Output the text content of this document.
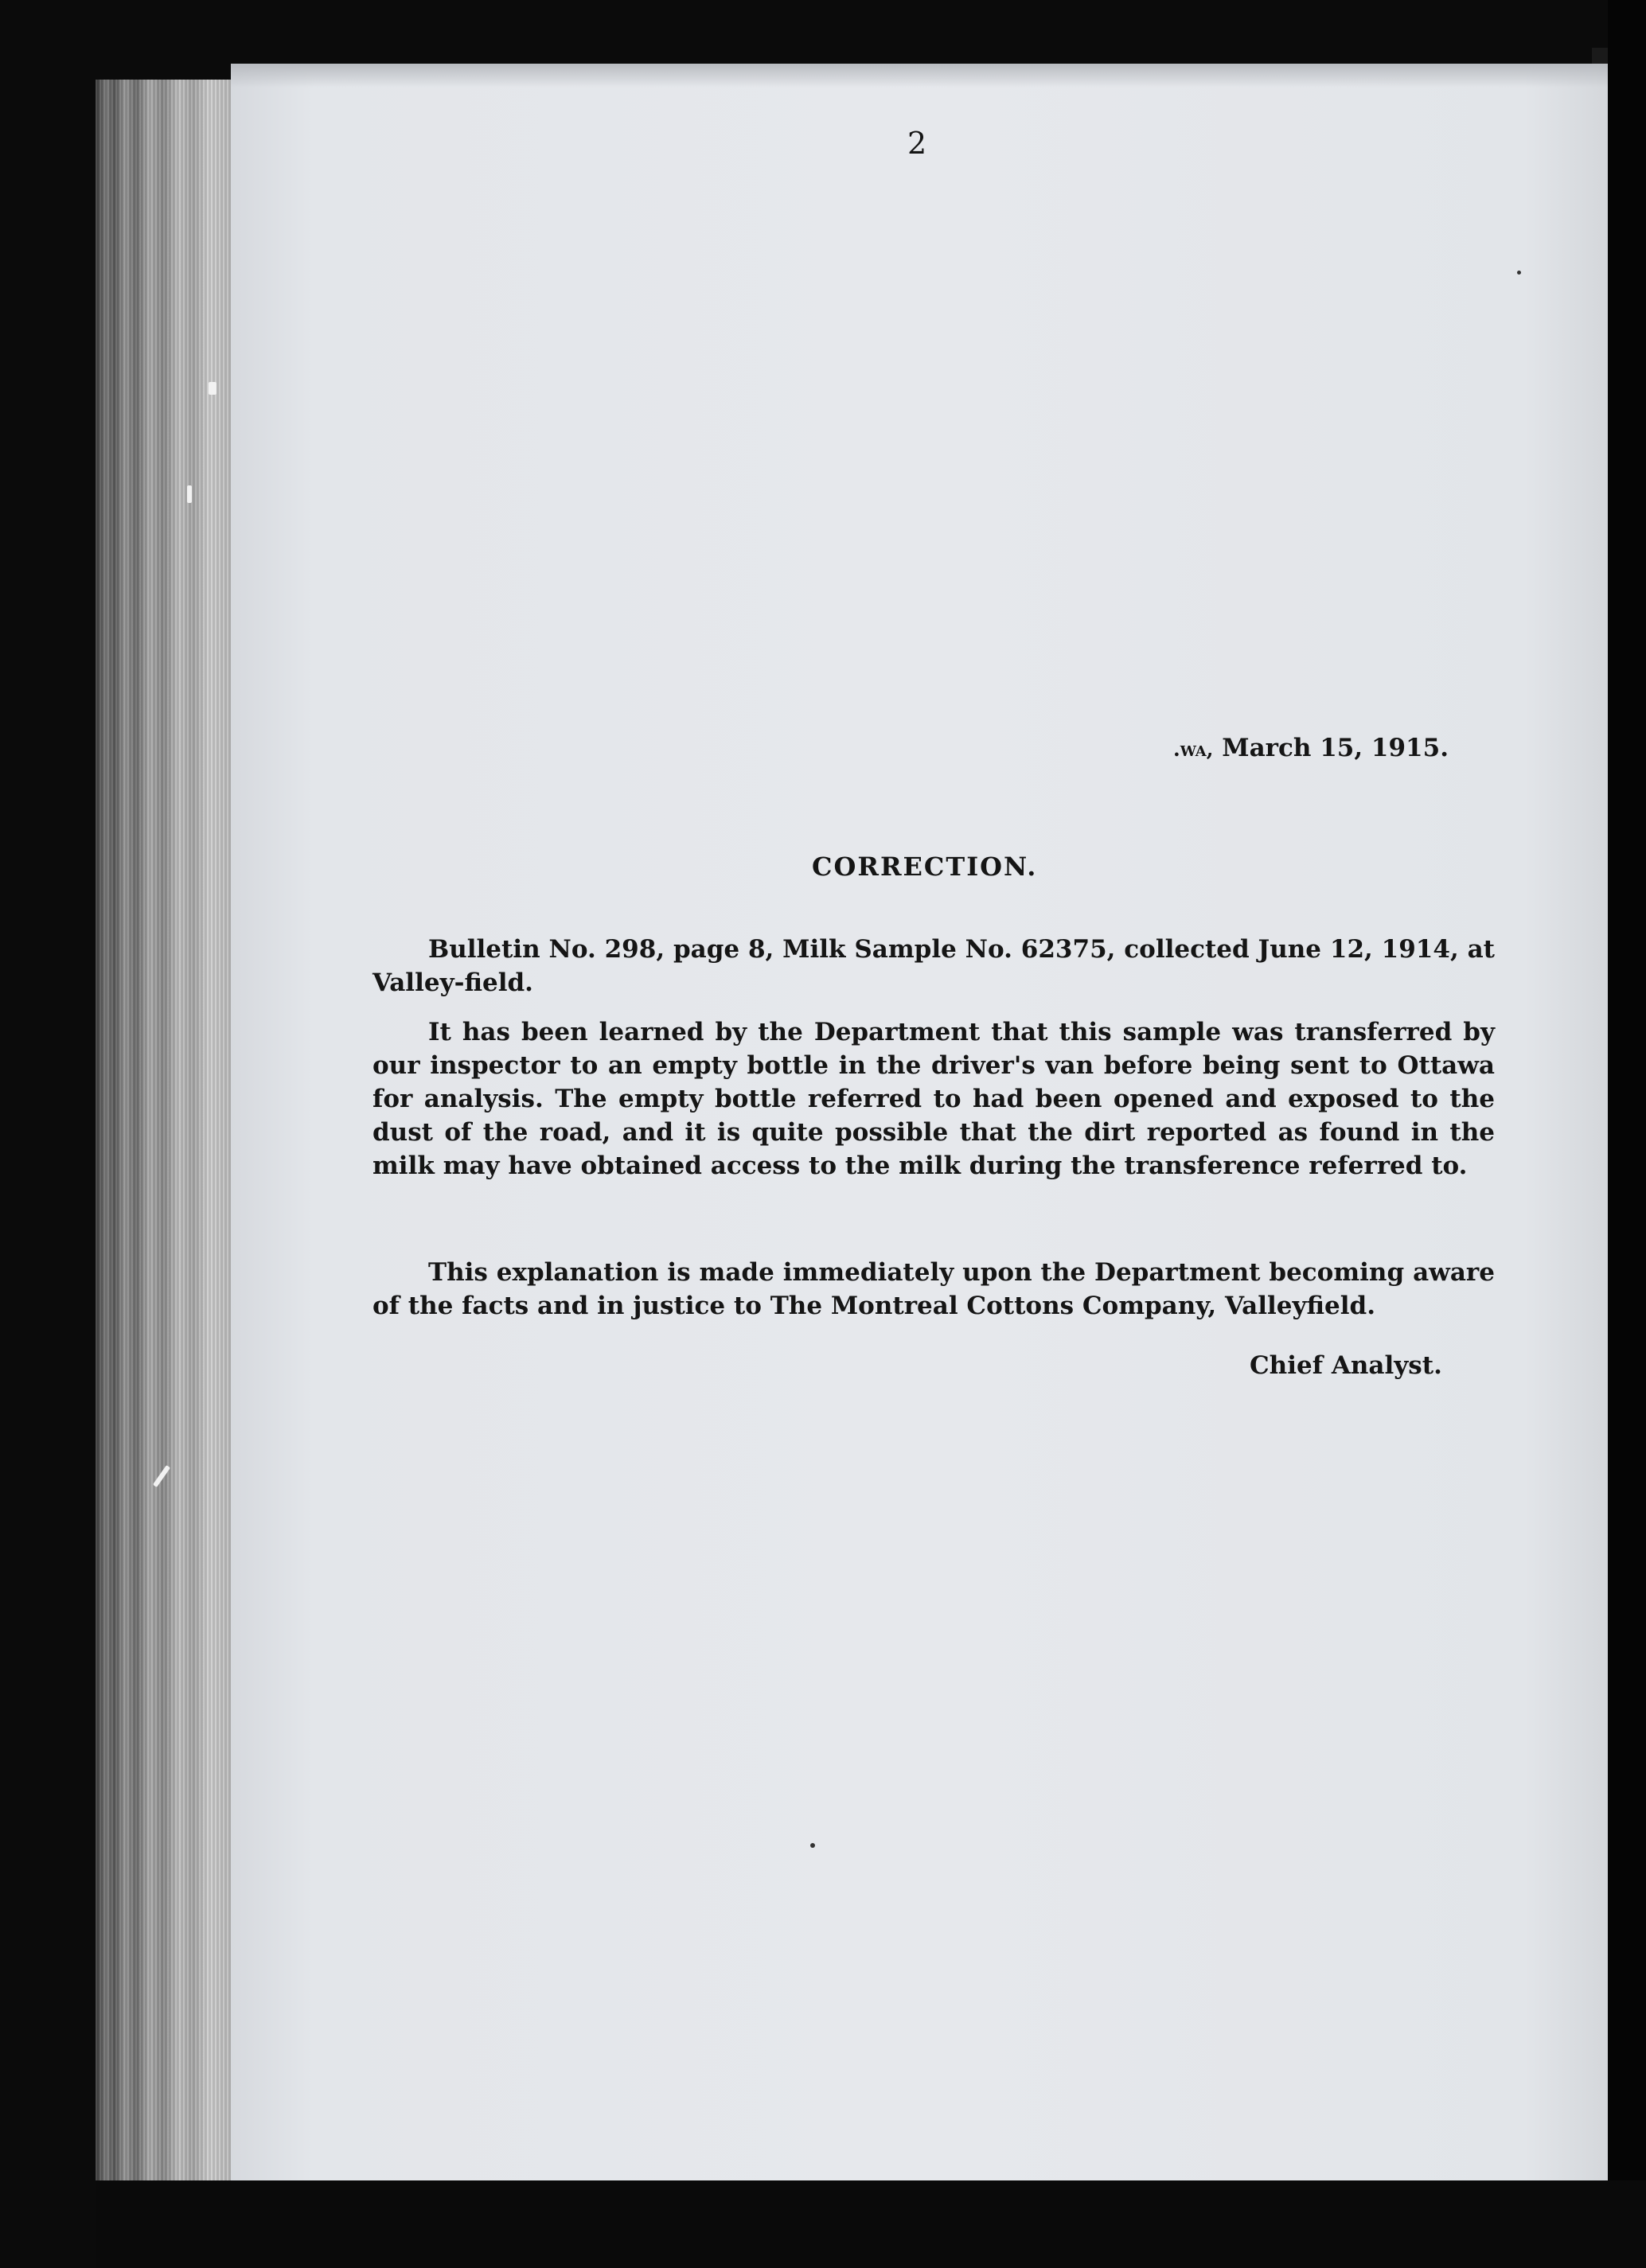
2
.wa, March 15, 1915.
CORRECTION.
Bulletin No. 298, page 8, Milk Sample No. 62375, collected June 12, 1914, at Valley-field.
It has been learned by the Department that this sample was transferred by our inspector to an empty bottle in the driver's van before being sent to Ottawa for analysis. The empty bottle referred to had been opened and exposed to the dust of the road, and it is quite possible that the dirt reported as found in the milk may have obtained access to the milk during the transference referred to.
This explanation is made immediately upon the Department becoming aware of the facts and in justice to The Montreal Cottons Company, Valleyfield.
Chief Analyst.
